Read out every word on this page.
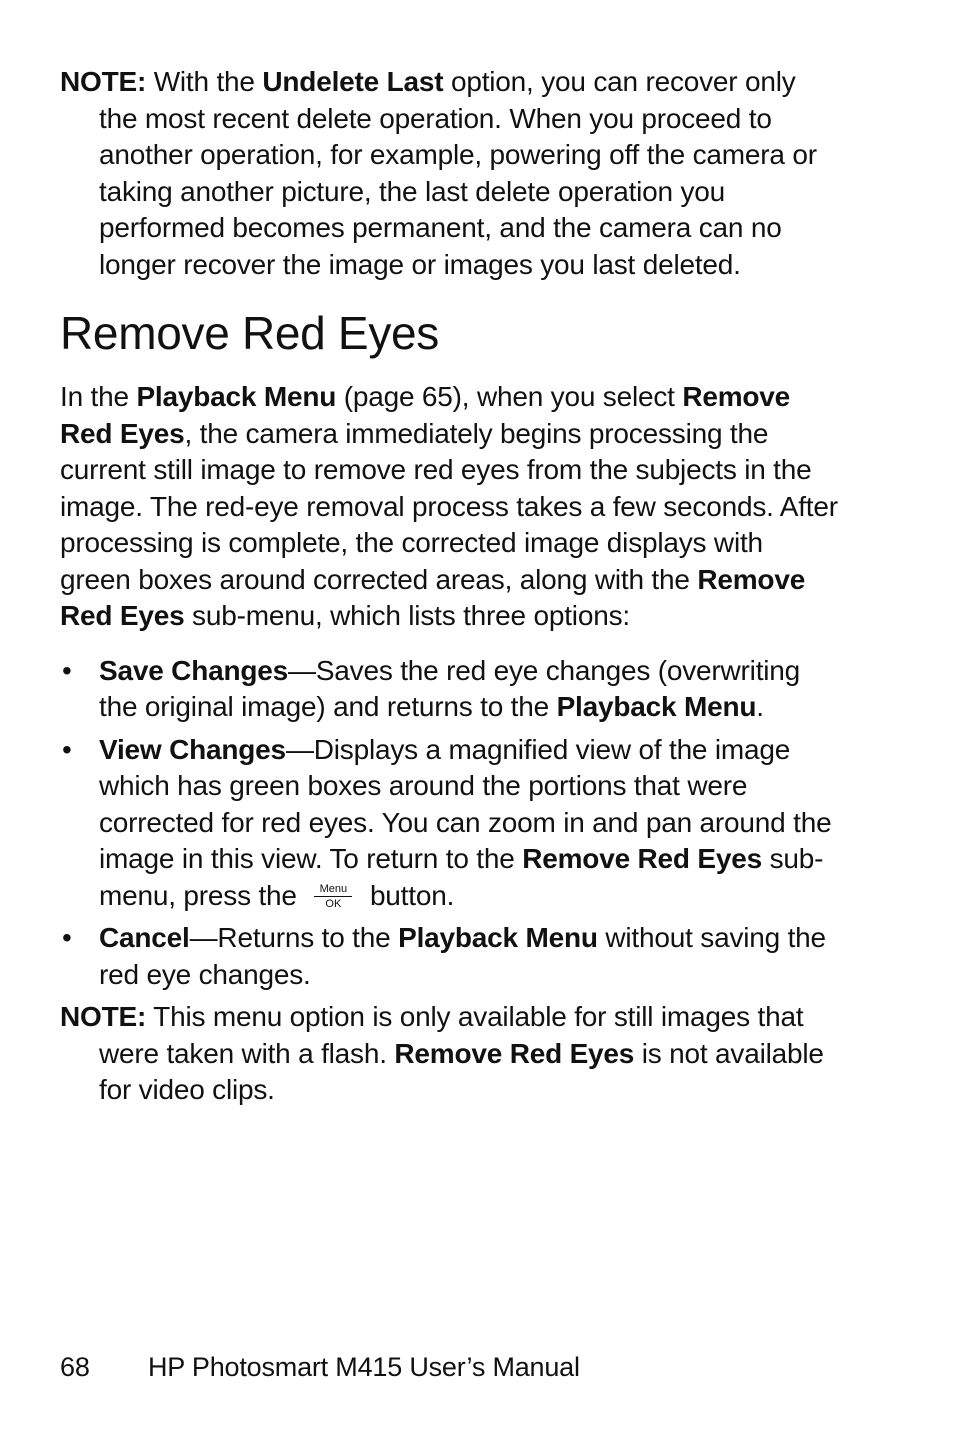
NOTE: With the Undelete Last option, you can recover only the most recent delete operation. When you proceed to another operation, for example, powering off the camera or taking another picture, the last delete operation you performed becomes permanent, and the camera can no longer recover the image or images you last deleted.

Remove Red Eyes

In the Playback Menu (page 65), when you select Remove Red Eyes, the camera immediately begins processing the current still image to remove red eyes from the subjects in the image. The red-eye removal process takes a few seconds. After processing is complete, the corrected image displays with green boxes around corrected areas, along with the Remove Red Eyes sub-menu, which lists three options:

• Save Changes—Saves the red eye changes (overwriting the original image) and returns to the Playback Menu.
• View Changes—Displays a magnified view of the image which has green boxes around the portions that were corrected for red eyes. You can zoom in and pan around the image in this view. To return to the Remove Red Eyes sub-menu, press the	Menu
OK button.
• Cancel—Returns to the Playback Menu without saving the red eye changes.

NOTE: This menu option is only available for still images that were taken with a flash. Remove Red Eyes is not available for video clips.

68 HP Photosmart M415 User’s Manual
